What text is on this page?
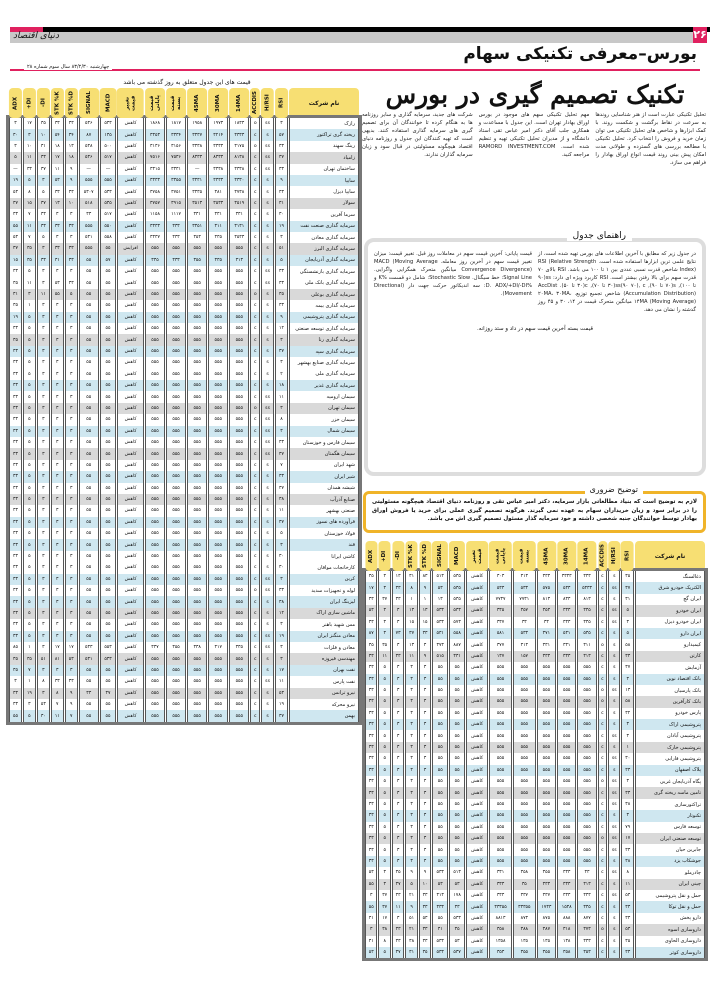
۲۶
دنیای اقتصاد
بورس–معرفی تکنیکی سهام
چهارشنبه ۸۳/۲/۳۰ سال سوم شماره ۲۸
تکنیک تصمیم گیری در بورس

تحلیل تکنیکی عبارت است از هنر شناسایی روندها به سرعت در نقاط برگشت و شکست روند. با کمک ابزارها و شاخص های تحلیل تکنیکی می توان زمان خرید و فروش را انتخاب کرد. تحلیل تکنیکی با مطالعه بررسی های گسترده و طولانی مدت امکان پیش بینی روند قیمت انواع اوراق بهادار را فراهم می سازد.

مهم تحلیل تکنیکی سهم های موجود در بورس اوراق بهادار تهران است. این جدول با مساعدت و همکاری جلب آقای دکتر امیر عباس تقی استاد دانشگاه و از مدیران تحلیل تکنیکی تهیه و تنظیم شده است. RAMORD INVESTMENT.COM مراجعه کنید.

شرکت های جدید، سرمایه گذاری و سایر روزنامه ها به هنگام کرده تا خوانندگان آن برای تصمیم گیری های سرمایه گذاری استفاده کنند. بدیهی است که تهیه کنندگان این جدول و روزنامه دنیای اقتصاد هیچگونه مسئولیتی در قبال سود و زیان سرمایه گذاران ندارند.

راهنمای جدول
در جدول زیر که مطابق با آخرین اطلاعات های بورس تهیه شده است، از نتایج علمی ترین ابزارها استفاده شده است. RSI (Relative Strength Index) شاخص قدرت نسبی عددی بین ۱ تا ۱۰۰ می باشد. RSI بالای ۷۰ قدرت سهم برای بالا رفتن بیشتر است. RSI کاربرد ویژه ای دارد: ss(۹۰ تا ۱۰۰), s(۷۰ تا ۹۰), ss(۹۰ ۷۰), c(۳۰ تا ۷۰), c(۳۰ تا ۵۰). AccDist (Accumulation Distribution) شاخص تجمیع توزیع. ۲۰MA، ۳۰MA، ۱۴MA (Moving Average) میانگین متحرک قیمت در ۱۴، ۳۰ و ۴۵ روز گذشته را نشان می دهد.
قیمت پایانی: آخرین قیمت سهم در معاملات روز قبل. تغییر قیمت: میزان تغییر قیمت سهم در آخرین روز معامله. MACD (Moving Average Convergence Divergence) میانگین متحرک همگرایی واگرایی. Signal Line: خط سیگنال. Stochastic Slow: شامل دو قسمت %K و %D. ADX/+DI/-DI: سه اندیکاتور حرکت جهت دار (Directional Movement).
قیمت بسته آخرین قیمت سهم در داد و ستد روزانه.
توضیح ضروری

لازم به توضیح است که بنیاد مطالعاتی بازار سرمایه، دکتر امیر عباس تقی و روزنامه دنیای اقتصاد هیچگونه مسئولیتی را در برابر سود و زیان خریداران سهام به عهده نمی گیرند. هرگونه تصمیم گیری عملی برای خرید یا فروش اوراق بهادار توسط خوانندگان جنبه شخصی داشته و خود سرمایه گذار مسئول تصمیم گیری اش می باشد.

قیمت های این جدول متعلق به روز گذشته می باشد
ADX	+DI	-DI	STK %K	STK %D	SIGNAL	MACD	تغییر قیمت	قیمت پایانی	قیمت بسته	45MA	30MA	14MA	ACCDIS	H/RSI	RSI	نام شرکت
۳	۱۷	۳۵	۳۳	۳۳	۵۳۶	۵۳۳	کاهش	۱۸۶۸	۱۸۱۷	۱۹۵۸	۱۹۷۳	۱۸۳۳	o	ss	۳	رازک
۳۰	۳	۱۰	۵۴	۳۴	۸۷	۱۳۵	کاهش	۳۳۵۳	۳۳۳۴	۳۳۳۷	۳۲۱۴	۳۳۳۳	c	s	۵۷	ریخته گری تراکتور
۳	۱۰	۳۱	۱۸	۱۳	۵۳۸	۵۰۰	کاهش	۳۱۳۶	۳۱۵۶	۳۳۳۸	۳۳۳۳	۳۱۷۵	o	ss	۳۳	رینگ سهند
۵	۱۱	۳۳	۱۷	۱۸	۵۳۶	۵۱۷	کاهش	۷۵۱۶	۷۵۳۶	۸۳۳۳	۸۳۳۳	۸۱۳۸	c	ss	۳۷	زامیاد
—	۳۳	۳۷	۱۱	۹	—	—	کاهش	۳۳۱۵	۳۳۳۱	—	۳۳۳۸	۳۳۳۸	c	ss	۳۳	ساختمان تهران
۱۹	۵	۳	۵۳	۹	۵۵۵	۵۵۵	کاهش	۳۳۳۳	۳۳۵۵	۳۳۳۱	۳۳۳۳	۳۳۳۰	c	s	۹	سایپا
۵۳	۸	۵	۳۳	۳۳	۵۳۰۷	۵۳۳	کاهش	۳۷۵۸	۳۷۵۱	۳۳۳۵	۳۸۱	۳۷۳۸	c	s	۳۳	سایپا دیزل
۳۷	۱۵	۳۷	۱۳	۱۰	۵۱۸	۵۳۵	کاهش	۳۷۵۷	۳۹۱۵	۳۵۱۳	۳۵۳۳	۳۵۱۹	c	s	۳۱	سولار
۳۳	۷	۳۳	۳	۳	۳۳	۵۱۷	کاهش	۱۱۵۸	۱۱۱۷	۳۳۱	۳۳۱	۳۳۱	c	s	۳۰	سرما آفرین
۵۵	۱۱	۳۳	۳۳	۳۳	۵۵۵	۵۵۰	کاهش	۳۳۳۳	۳۳۳	۳۳۵۱	۳۱۱	۳۱۳۱	c	s	۱۹	سرمایه گذاری صنعت نفت
۵۳	۷	۵	۳	۳	۵۳۱	۵۵۸	کاهش	۳۳۳۷	۳۳۳	۳۵۳	۳۳۵	۳۵۳۳	c	s	۳	سرمایه گذاری معادن
۳۷	۳۵	۳	۳۳	۳۳	۵۵۵	۵۵	افزایش	۵۵۵	۵۵۵	۵۵۵	۵۵۵	۵۵۵	c	s	۵۱	سرمایه گذاری البرز
۱۵	۳۵	۳۳	۳۱	۳۳	۵۵	۵۷	کاهش	۳۳۵	۳۳۳	۳۵۵	۳۳۵	۳۱۳	c	s	۵	سرمایه گذاری آذربایجان
۳۳	۵	۳	۳	۳	۵۵	۵۵	کاهش	۵۵۵	۵۵۵	۵۵۵	۵۵۵	۵۵۵	c	ss	۳۳	سرمایه گذاری بازنشستگی
۳۵	۱۱	۳	۵۳	۳۳	۵۵	۵۵	کاهش	۵۵۵	۵۵۵	۵۵۵	۵۵۵	۵۵۵	c	ss	۳۳	سرمایه گذاری بانک ملی
۳۱	۳	۱۱	۵۵	۵	۵۵	۵۵	کاهش	۵۵۵	۵۵۵	۵۵۵	۵۵۵	۵۵۵	o	s	۳۵	سرمایه گذاری بوعلی
۳۵	۱	۳	۳	۳	۵۵	۵۵	کاهش	۵۵۵	۵۵۵	۵۵۵	۵۵۵	۵۵۵	c	s	۳۳	سرمایه گذاری بیمه
۱۹	۵	۳	۳	۳	۵۵	۵۵	کاهش	۵۵۵	۵۵۵	۵۵۵	۵۵۵	۵۵۵	c	s	۹	سرمایه گذاری پتروشیمی
۳۳	۵	۳	۳	۳	۵۵	۵۵	کاهش	۵۵۵	۵۵۵	۵۵۵	۵۵۵	۵۵۵	c	s	۱۲	سرمایه گذاری توسعه صنعتی
۳۵	۵	۳	۳	۳	۵۵	۵۵	کاهش	۵۵۵	۵۵۵	۵۵۵	۵۵۵	۵۵۵	c	s	۳	سرمایه گذاری رنا
۳۳	۵	۳	۳	۳	۵۵	۵۵	کاهش	۵۵۵	۵۵۵	۵۵۵	۵۵۵	۵۵۵	c	s	۳۷	سرمایه گذاری سپه
۳۳	۵	۳	۳	۳	۵۵	۵۵	کاهش	۵۵۵	۵۵۵	۵۵۵	۵۵۵	۵۵۵	c	s	۳	سرمایه گذاری صنایع بهشهر
۳۳	۵	۳	۳	۳	۵۵	۵۵	کاهش	۵۵۵	۵۵۵	۵۵۵	۵۵۵	۵۵۵	c	s	۲	سرمایه گذاری ملی
۳۳	۵	۳	۳	۳	۵۵	۵۵	کاهش	۵۵۵	۵۵۵	۵۵۵	۵۵۵	۵۵۵	c	s	۱۸	سرمایه گذاری غدیر
۳۳	۵	۳	۳	۳	۵۵	۵۵	کاهش	۵۵۵	۵۵۵	۵۵۵	۵۵۵	۵۵۵	c	ss	۱۱	سیمان ارومیه
۳۳	۵	۳	۳	۳	۵۵	۵۵	کاهش	۵۵۵	۵۵۵	۵۵۵	۵۵۵	۵۵۵	o	ss	۳	سیمان تهران
۳۳	۵	۳	۳	۳	۵۵	۵۵	کاهش	۵۵۵	۵۵۵	۵۵۵	۵۵۵	۵۵۵	c	ss	۸	سیمان خزر
۳۳	۵	۳	۳	۳	۵۵	۵۵	کاهش	۵۵۵	۵۵۵	۵۵۵	۵۵۵	۵۵۵	c	ss	۳	سیمان شمال
۳۳	۵	۳	۳	۳	۵۵	۵۵	کاهش	۵۵۵	۵۵۵	۵۵۵	۵۵۵	۵۵۵	c	ss	۳۳	سیمان فارس و خوزستان
۳۳	۵	۳	۳	۳	۵۵	۵۵	کاهش	۵۵۵	۵۵۵	۵۵۵	۵۵۵	۵۵۵	c	ss	۳۷	سیمان هگمتان
۳۳	۵	۳	۳	۳	۵۵	۵۵	کاهش	۵۵۵	۵۵۵	۵۵۵	۵۵۵	۵۵۵	c	s	۷	شهد ایران
۳۳	۵	۳	۳	۳	۵۵	۵۵	کاهش	۵۵۵	۵۵۵	۵۵۵	۵۵۵	۵۵۵	c	s	۳۳	شیر ایران
۳۳	۵	۳	۳	۳	۵۵	۵۵	کاهش	۵۵۵	۵۵۵	۵۵۵	۵۵۵	۵۵۵	c	s	۳۷	شیشه همدان
۳۳	۵	۳	۳	۳	۵۵	۵۵	کاهش	۵۵۵	۵۵۵	۵۵۵	۵۵۵	۵۵۵	c	s	۳۸	صنایع آذرآب
۳۳	۵	۳	۳	۳	۵۵	۵۵	کاهش	۵۵۵	۵۵۵	۵۵۵	۵۵۵	۵۵۵	c	s	۱۱	صنعتی بهشهر
۳۳	۵	۳	۳	۳	۵۵	۵۵	کاهش	۵۵۵	۵۵۵	۵۵۵	۵۵۵	۵۵۵	c	s	۳۷	فرآورده های نسوز
۳۳	۵	۳	۳	۳	۵۵	۵۵	کاهش	۵۵۵	۵۵۵	۵۵۵	۵۵۵	۵۵۵	c	s	۵	فولاد خوزستان
۳۳	۵	۳	۳	۳	۵۵	۵۵	کاهش	۵۵۵	۵۵۵	۵۵۵	۵۵۵	۵۵۵	c	s	۳	قند
۳۳	۵	۳	۳	۳	۵۵	۵۵	کاهش	۵۵۵	۵۵۵	۵۵۵	۵۵۵	۵۵۵	c	s	۳۰	کاشی ایرانا
۳۳	۵	۳	۳	۳	۵۵	۵۵	کاهش	۵۵۵	۵۵۵	۵۵۵	۵۵۵	۵۵۵	c	s	۳۰	کارخانجات مواقان
۳۳	۵	۳	۳	۳	۵۵	۵۵	کاهش	۵۵۵	۵۵۵	۵۵۵	۵۵۵	۵۵۵	c	ss	۳	کربن
۳۳	۵	۳	۳	۳	۵۵	۵۵	کاهش	۵۵۵	۵۵۵	۵۵۵	۵۵۵	۵۵۵	o	ss	۳۳	لوله و تجهیزات سدید
۳۳	۵	۳	۳	۳	۵۵	۵۵	کاهش	۵۵۵	۵۵۵	۵۵۵	۵۵۵	۵۵۵	c	s	۳۸	لیزینگ ایران
۳۳	۵	۳	۳	۳	۵۵	۵۵	کاهش	۵۵۵	۵۵۵	۵۵۵	۵۵۵	۵۵۵	c	s	۱۲	ماشین سازی اراک
۳۳	۵	۳	۳	۳	۵۵	۵۵	کاهش	۵۵۵	۵۵۵	۵۵۵	۵۵۵	۵۵۵	c	s	۳	مس شهید باهنر
۳۳	۵	۳	۳	۳	۵۵	۵۵	کاهش	۵۵۵	۵۵۵	۵۵۵	۵۵۵	۵۵۵	c	ss	۱۹	معادن منگنز ایران
۸۵	۱	۳	۱۷	۱۷	۵۳۳	۵۵۳	کاهش	۳۳۷	۳۵۵	۳۳۸	۳۱۷	۳۳۵	c	ss	۳	معادن و فلزات
۳۵	۳۵	۵۱	۸۱	۵۳	۵۳۱	۵۳۳	کاهش	۵۵۵	۵۵۵	۵۵۵	۵۵۵	۵۵۵	c	s	۳	مهندسی فیروزه
۳۵	۷	۳	۳	۳	۵۵	۵۵	کاهش	۵۵۵	۵۵۵	۵۵۵	۵۵۵	۵۵۵	c	s	۱۷	نفت بهران
۳	۱	۸	۳۳	۳۳	۵۵	۵۵	کاهش	۵۵۵	۵۵۵	۵۵۵	۵۵۵	۵۵۵	c	ss	۱۱	نفت پارس
۳۳	۱۹	۳	۸	۹	۳۳	۳۷	کاهش	۵۵۵	۵۵۵	۵۵۵	۵۵۵	۵۵۵	c	s	۵۳	نیرو ترانس
۳۳	۳	۵۳	۷	۹	۵۵	۵۵	کاهش	۵۵۵	۵۵۵	۵۵۵	۵۵۵	۵۵۵	c	s	۱۹	نیرو محرکه
۵۵	۵	۳۰	۱۱	۷	۵۵	۵۵	کاهش	۵۵۵	۵۵۵	۵۵۵	۵۵۵	۵۵۵	c	s	۳۷	بهمن
ADX	+DI	-DI	STK %K	STK %D	SIGNAL	MACD	تغییر قیمت	قیمت پایانی	قیمت بسته	45MA	30MA	14MA	ACCDIS	H/RSI	RSI	نام شرکت
۳۵	۳	۱۳	۳۱	۸۳	۵۱۳	۵۳۵	کاهش	۳۰۳	۳۱۳	۳۳۳	۳۳۳۳	۳۳۳	c	s	۳۵	ذغالسنگ
۱۷	۳	۳۳	۸	۹	۵۳	۵۳۵	کاهش	۵۳۳	۵۳۳	۵۷۵	۵۳۳	۵۳۳۳	c	ss	۳۷	الکتریک خودرو شرق
۳۳	۳۷	۳۳	۱	۱	۱۳	۵۳۵	کاهش	۷۷۳۷	۷۷۳۱	۸۱۳	۸۳۳	۸۱۳	c	s	۳۱	ایران گچ
۵۳	۳	۳	۱۳	۱۳	۵۳۳	۵۳۳	کاهش	۳۳۵	۳۵۷	۳۵۳	۳۳۳	۳۳۵	c	ss	۵	ایران خودرو
۳۳	۳	۳	۱۵	۱۵	۵۳۳	۵۷۳	کاهش	۳۳۷	۳۳	۳۳	۳۳۳	۳۳۵	c	ss	۳	ایران خودرو دیزل
۸۷	۳	۷۳	۳۷	۳۳	۵۳۱	۵۵۸	کاهش	۵۸۱	۵۳۳	۳۷۱	۵۳۱	۵۳۵	c	s	۵	ایران دارو
۳۵	۳۵	۳	۱۳	۳	۳۷۳	۸۸۷	کاهش	۳۷۷	۳۱۳	۳۳۱	۳۳۱	۳۱۱	o	s	۵۸	کیمیدارو
۳۳	۱۱	۳۳	۱۱	۹	۵۱۵	۳۳۱	کاهش	۱۳۷	۱۵۷	۳۳۳	۳۳۳	۳۱۳	c	s	۳۳	کارتن
۳۳	۵	۳	۳	۳	۵۵	۵۵	کاهش	۵۵۵	۵۵۵	۵۵۵	۵۵۵	۵۵۵	c	s	۳۷	آزمایش
۳۳	۵	۳	۳	۳	۵۵	۵۵	کاهش	۵۵۵	۵۵۵	۵۵۵	۵۵۵	۵۵۵	c	s	۳	بانک اقتصاد نوین
۳۳	۵	۳	۳	۳	۵۵	۵۵	کاهش	۵۵۵	۵۵۵	۵۵۵	۵۵۵	۵۵۵	o	ss	۱۳	بانک پارسیان
۳۳	۵	۳	۳	۳	۵۵	۵۵	کاهش	۵۵۵	۵۵۵	۵۵۵	۵۵۵	۵۵۵	o	s	۵۸	بانک کارآفرین
۳۳	۵	۳	۳	۳	۵۵	۵۵	کاهش	۵۵۵	۵۵۵	۵۵۵	۵۵۵	۵۵۵	c	s	۳۲	پارس خودرو
۳۳	۵	۳	۳	۳	۵۵	۵۵	کاهش	۵۵۵	۵۵۵	۵۵۵	۵۵۵	۵۵۵	c	s	۳	پتروشیمی اراک
۳۳	۵	۳	۳	۳	۵۵	۵۵	کاهش	۵۵۵	۵۵۵	۵۵۵	۵۵۵	۵۵۵	c	ss	۳	پتروشیمی آبادان
۳۳	۵	۳	۳	۳	۵۵	۵۵	کاهش	۵۵۵	۵۵۵	۵۵۵	۵۵۵	۵۵۵	c	s	۱	پتروشیمی خارک
۳۳	۵	۳	۳	۳	۵۵	۵۵	کاهش	۵۵۵	۵۵۵	۵۵۵	۵۵۵	۵۵۵	c	ss	۳۰	پتروشیمی فارابی
۳۳	۵	۳	۳	۳	۵۵	۵۵	کاهش	۵۵۵	۵۵۵	۵۵۵	۵۵۵	۵۵۵	c	s	۳۳	پلاک اصفهان
۳۳	۵	۳	۳	۳	۵۵	۵۵	کاهش	۵۵۵	۵۵۵	۵۵۵	۵۵۵	۵۵۵	o	ss	۳	پگاه آذربایجان غربی
۳۳	۵	۳	۳	۳	۵۵	۵۵	کاهش	۵۵۵	۵۵۵	۵۵۵	۵۵۵	۵۵۵	c	ss	۳۳	تامین ماسه ریخته گری
۳۳	۵	۳	۳	۳	۵۵	۵۵	کاهش	۵۵۵	۵۵۵	۵۵۵	۵۵۵	۵۵۵	c	ss	۳۸	تراکتورسازی
۳۳	۵	۳	۳	۳	۵۵	۵۵	کاهش	۵۵۵	۵۵۵	۵۵۵	۵۵۵	۵۵۵	c	s	۳	تکنوتار
۳۳	۵	۳	۳	۳	۵۵	۵۵	کاهش	۵۵۵	۵۵۵	۵۵۵	۵۵۵	۵۵۵	c	ss	۷۹	توسعه فارس
۳۳	۵	۳	۳	۳	۵۵	۵۵	کاهش	۵۵۵	۵۵۵	۵۵۵	۵۵۵	۵۵۵	o	ss	۱۷	توسعه صنعتی ایران
۳۳	۵	۳	۳	۳	۵۵	۵۵	کاهش	۵۵۵	۵۵۵	۵۵۵	۵۵۵	۵۵۵	c	ss	۳۳	جابربن حیان
۳۳	۵	۳	۳	۳	۵۵	۵۵	کاهش	۵۵۵	۵۵۵	۵۵۵	۵۵۵	۵۵۵	c	s	۳۸	جوشکاب یزد
۵۳	۳	۳۵	۹	۹	۵۳۳	۵۱۳	کاهش	۳۳۱	۳۵۸	۳۵۵	۳۳۳	۳۳	c	ss	۸	چادرملو
۵۵	۳	۳۷	۵	۱۰	۵۳	۵۳	کاهش	۳۳۳	۳۵	۳۳۳	۳۳۳	۳۱۳	c	s	۱۱	چینی ایران
۳	۳۷	۳۳	۲۱	۳۳	۳۱۳	۱۷۸	کاهش	۳۳۳	۳۳۷	۳۳۷	۳۳۳	۳۳۳	c	ss	۵۳	حمل و نقل پتروشیمی
۵۵	۳۷	۱۱	۹	۳۳	۳۳۳	۳۳	کاهش	۳۳۳۵۵	۳۳۳۵۵	۱۷۳۳	۱۵۳۸	۳۳۵	c	s	۳۳	حمل و نقل توکا
۳۱	۱۷	۳	۵۱	۵۳	۵۵	۵۳۳	کاهش	۸۸۱۳	۸۷۳	۸۷۵	۸۸۸	۸۷۷	c	s	۳۳	دارو پخش
۳	۳۸	۳۳	۲۱	۳۳	۳۱	۳۵	کاهش	۳۵۸	۳۸۸	۳۸۷	۳۱۸	۳۷۳	o	s	۵۳	داروسازی اسوه
۳۱	۸	۳۳	۳۸	۳۳	۵۳۳	۵۳	کاهش	۱۳۵۸	۱۳۵	۱۳۵	۱۳۸	۳۳۳	c	s	۳۵	داروسازی الحاوی
۵۳	۵	۳۷	۳۱	۳۵	۵۳۳	۵۳۷	کاهش	۳۵۳	۳۵۵	۳۵۵	۳۵۸	۳۵۳	c	s	۳۳	داروسازی کوثر
